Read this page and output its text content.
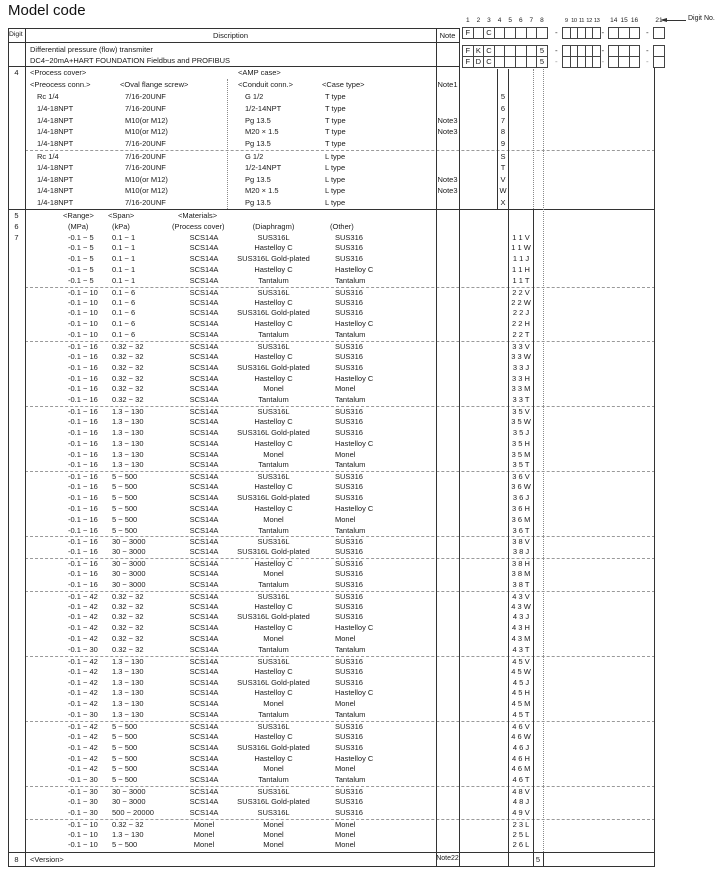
Model code
1	2	3	4	5	6	7	8	9 10 11 12 13	14 15 16	21	Digit No.
F	C	-	-	-
F K C	5	-	-	-
F D C	5	-	-	-
Digit	Discription	Note
Differential pressure (flow) transmiter
DC4~20mA+HART FOUNDATION Fieldbus and PROFIBUS
4	<Process cover>	<AMP case>
<Preocess conn.>	<Oval flange screw>	<Conduit conn.>	<Case type>	Note1
Rc 1/4	7/16-20UNF	G 1/2	T type	5
1/4-18NPT	7/16-20UNF	1/2-14NPT	T type	6
1/4-18NPT	M10(or M12)	Pg 13.5	T type	Note3	7
1/4-18NPT	M10(or M12)	M20 × 1.5	T type	Note3	8
1/4-18NPT	7/16-20UNF	Pg 13.5	T type	9
Rc 1/4	7/16-20UNF	G 1/2	L type	S
1/4-18NPT	7/16-20UNF	1/2-14NPT	L type	T
1/4-18NPT	M10(or M12)	Pg 13.5	L type	Note3	V
1/4-18NPT	M10(or M12)	M20 × 1.5	L type	Note3	W
1/4-18NPT	7/16-20UNF	Pg 13.5	L type	X
5
6
7
<Range> <Span>	<Materials>
(MPa)	(kPa)	(Process cover)	(Diaphragm)	(Other)
-0.1 ~ 5 0.1 ~ 1	SCS14A	SUS316L	SUS316	1 1 V
-0.1 ~ 5 0.1 ~ 1	SCS14A	Hastelloy C	SUS316	1 1 W
-0.1 ~ 5 0.1 ~ 1	SCS14A	SUS316L Gold-plated	SUS316	1 1 J
-0.1 ~ 5 0.1 ~ 1	SCS14A	Hastelloy C	Hastelloy C	1 1 H
-0.1 ~ 5 0.1 ~ 1	SCS14A	Tantalum	Tantalum	1 1 T
-0.1 ~ 10 0.1 ~ 6	SCS14A	SUS316L	SUS316	2 2 V
-0.1 ~ 10 0.1 ~ 6	SCS14A	Hastelloy C	SUS316	2 2 W
-0.1 ~ 10 0.1 ~ 6	SCS14A	SUS316L Gold-plated	SUS316	2 2 J
-0.1 ~ 10 0.1 ~ 6	SCS14A	Hastelloy C	Hastelloy C	2 2 H
-0.1 ~ 10 0.1 ~ 6	SCS14A	Tantalum	Tantalum	2 2 T
-0.1 ~ 16 0.32 ~ 32	SCS14A	SUS316L	SUS316	3 3 V
-0.1 ~ 16 0.32 ~ 32	SCS14A	Hastelloy C	SUS316	3 3 W
-0.1 ~ 16 0.32 ~ 32	SCS14A	SUS316L Gold-plated	SUS316	3 3 J
-0.1 ~ 16 0.32 ~ 32	SCS14A	Hastelloy C	Hastelloy C	3 3 H
-0.1 ~ 16 0.32 ~ 32	SCS14A	Monel	Monel	3 3 M
-0.1 ~ 16 0.32 ~ 32	SCS14A	Tantalum	Tantalum	3 3 T
-0.1 ~ 16 1.3 ~ 130	SCS14A	SUS316L	SUS316	3 5 V
-0.1 ~ 16 1.3 ~ 130	SCS14A	Hastelloy C	SUS316	3 5 W
-0.1 ~ 16 1.3 ~ 130	SCS14A	SUS316L Gold-plated	SUS316	3 5 J
-0.1 ~ 16 1.3 ~ 130	SCS14A	Hastelloy C	Hastelloy C	3 5 H
-0.1 ~ 16 1.3 ~ 130	SCS14A	Monel	Monel	3 5 M
-0.1 ~ 16 1.3 ~ 130	SCS14A	Tantalum	Tantalum	3 5 T
-0.1 ~ 16 5 ~ 500	SCS14A	SUS316L	SUS316	3 6 V
-0.1 ~ 16 5 ~ 500	SCS14A	Hastelloy C	SUS316	3 6 W
-0.1 ~ 16 5 ~ 500	SCS14A	SUS316L Gold-plated	SUS316	3 6 J
-0.1 ~ 16 5 ~ 500	SCS14A	Hastelloy C	Hastelloy C	3 6 H
-0.1 ~ 16 5 ~ 500	SCS14A	Monel	Monel	3 6 M
-0.1 ~ 16 5 ~ 500	SCS14A	Tantalum	Tantalum	3 6 T
-0.1 ~ 16 30 ~ 3000	SCS14A	SUS316L	SUS316	3 8 V
-0.1 ~ 16 30 ~ 3000	SCS14A	SUS316L Gold-plated	SUS316	3 8 J
-0.1 ~ 16 30 ~ 3000	SCS14A	Hastelloy C	SUS316	3 8 H
-0.1 ~ 16 30 ~ 3000	SCS14A	Monel	SUS316	3 8 M
-0.1 ~ 16 30 ~ 3000	SCS14A	Tantalum	SUS316	3 8 T
-0.1 ~ 42 0.32 ~ 32	SCS14A	SUS316L	SUS316	4 3 V
-0.1 ~ 42 0.32 ~ 32	SCS14A	Hastelloy C	SUS316	4 3 W
-0.1 ~ 42 0.32 ~ 32	SCS14A	SUS316L Gold-plated	SUS316	4 3 J
-0.1 ~ 42 0.32 ~ 32	SCS14A	Hastelloy C	Hastelloy C	4 3 H
-0.1 ~ 42 0.32 ~ 32	SCS14A	Monel	Monel	4 3 M
-0.1 ~ 30 0.32 ~ 32	SCS14A	Tantalum	Tantalum	4 3 T
-0.1 ~ 42 1.3 ~ 130	SCS14A	SUS316L	SUS316	4 5 V
-0.1 ~ 42 1.3 ~ 130	SCS14A	Hastelloy C	SUS316	4 5 W
-0.1 ~ 42 1.3 ~ 130	SCS14A	SUS316L Gold-plated	SUS316	4 5 J
-0.1 ~ 42 1.3 ~ 130	SCS14A	Hastelloy C	Hastelloy C	4 5 H
-0.1 ~ 42 1.3 ~ 130	SCS14A	Monel	Monel	4 5 M
-0.1 ~ 30 1.3 ~ 130	SCS14A	Tantalum	Tantalum	4 5 T
-0.1 ~ 42 5 ~ 500	SCS14A	SUS316L	SUS316	4 6 V
-0.1 ~ 42 5 ~ 500	SCS14A	Hastelloy C	SUS316	4 6 W
-0.1 ~ 42 5 ~ 500	SCS14A	SUS316L Gold-plated	SUS316	4 6 J
-0.1 ~ 42 5 ~ 500	SCS14A	Hastelloy C	Hastelloy C	4 6 H
-0.1 ~ 42 5 ~ 500	SCS14A	Monel	Monel	4 6 M
-0.1 ~ 30 5 ~ 500	SCS14A	Tantalum	Tantalum	4 6 T
-0.1 ~ 30 30 ~ 3000	SCS14A	SUS316L	SUS316	4 8 V
-0.1 ~ 30 30 ~ 3000	SCS14A	SUS316L Gold-plated	SUS316	4 8 J
-0.1 ~ 30 500 ~ 20000	SCS14A	SUS316L	SUS316	4 9 V
-0.1 ~ 10 0.32 ~ 32	Monel	Monel	Monel	2 3 L
-0.1 ~ 10 1.3 ~ 130	Monel	Monel	Monel	2 5 L
-0.1 ~ 10 5 ~ 500	Monel	Monel	Monel	2 6 L
8	<Version>	Note22	5
